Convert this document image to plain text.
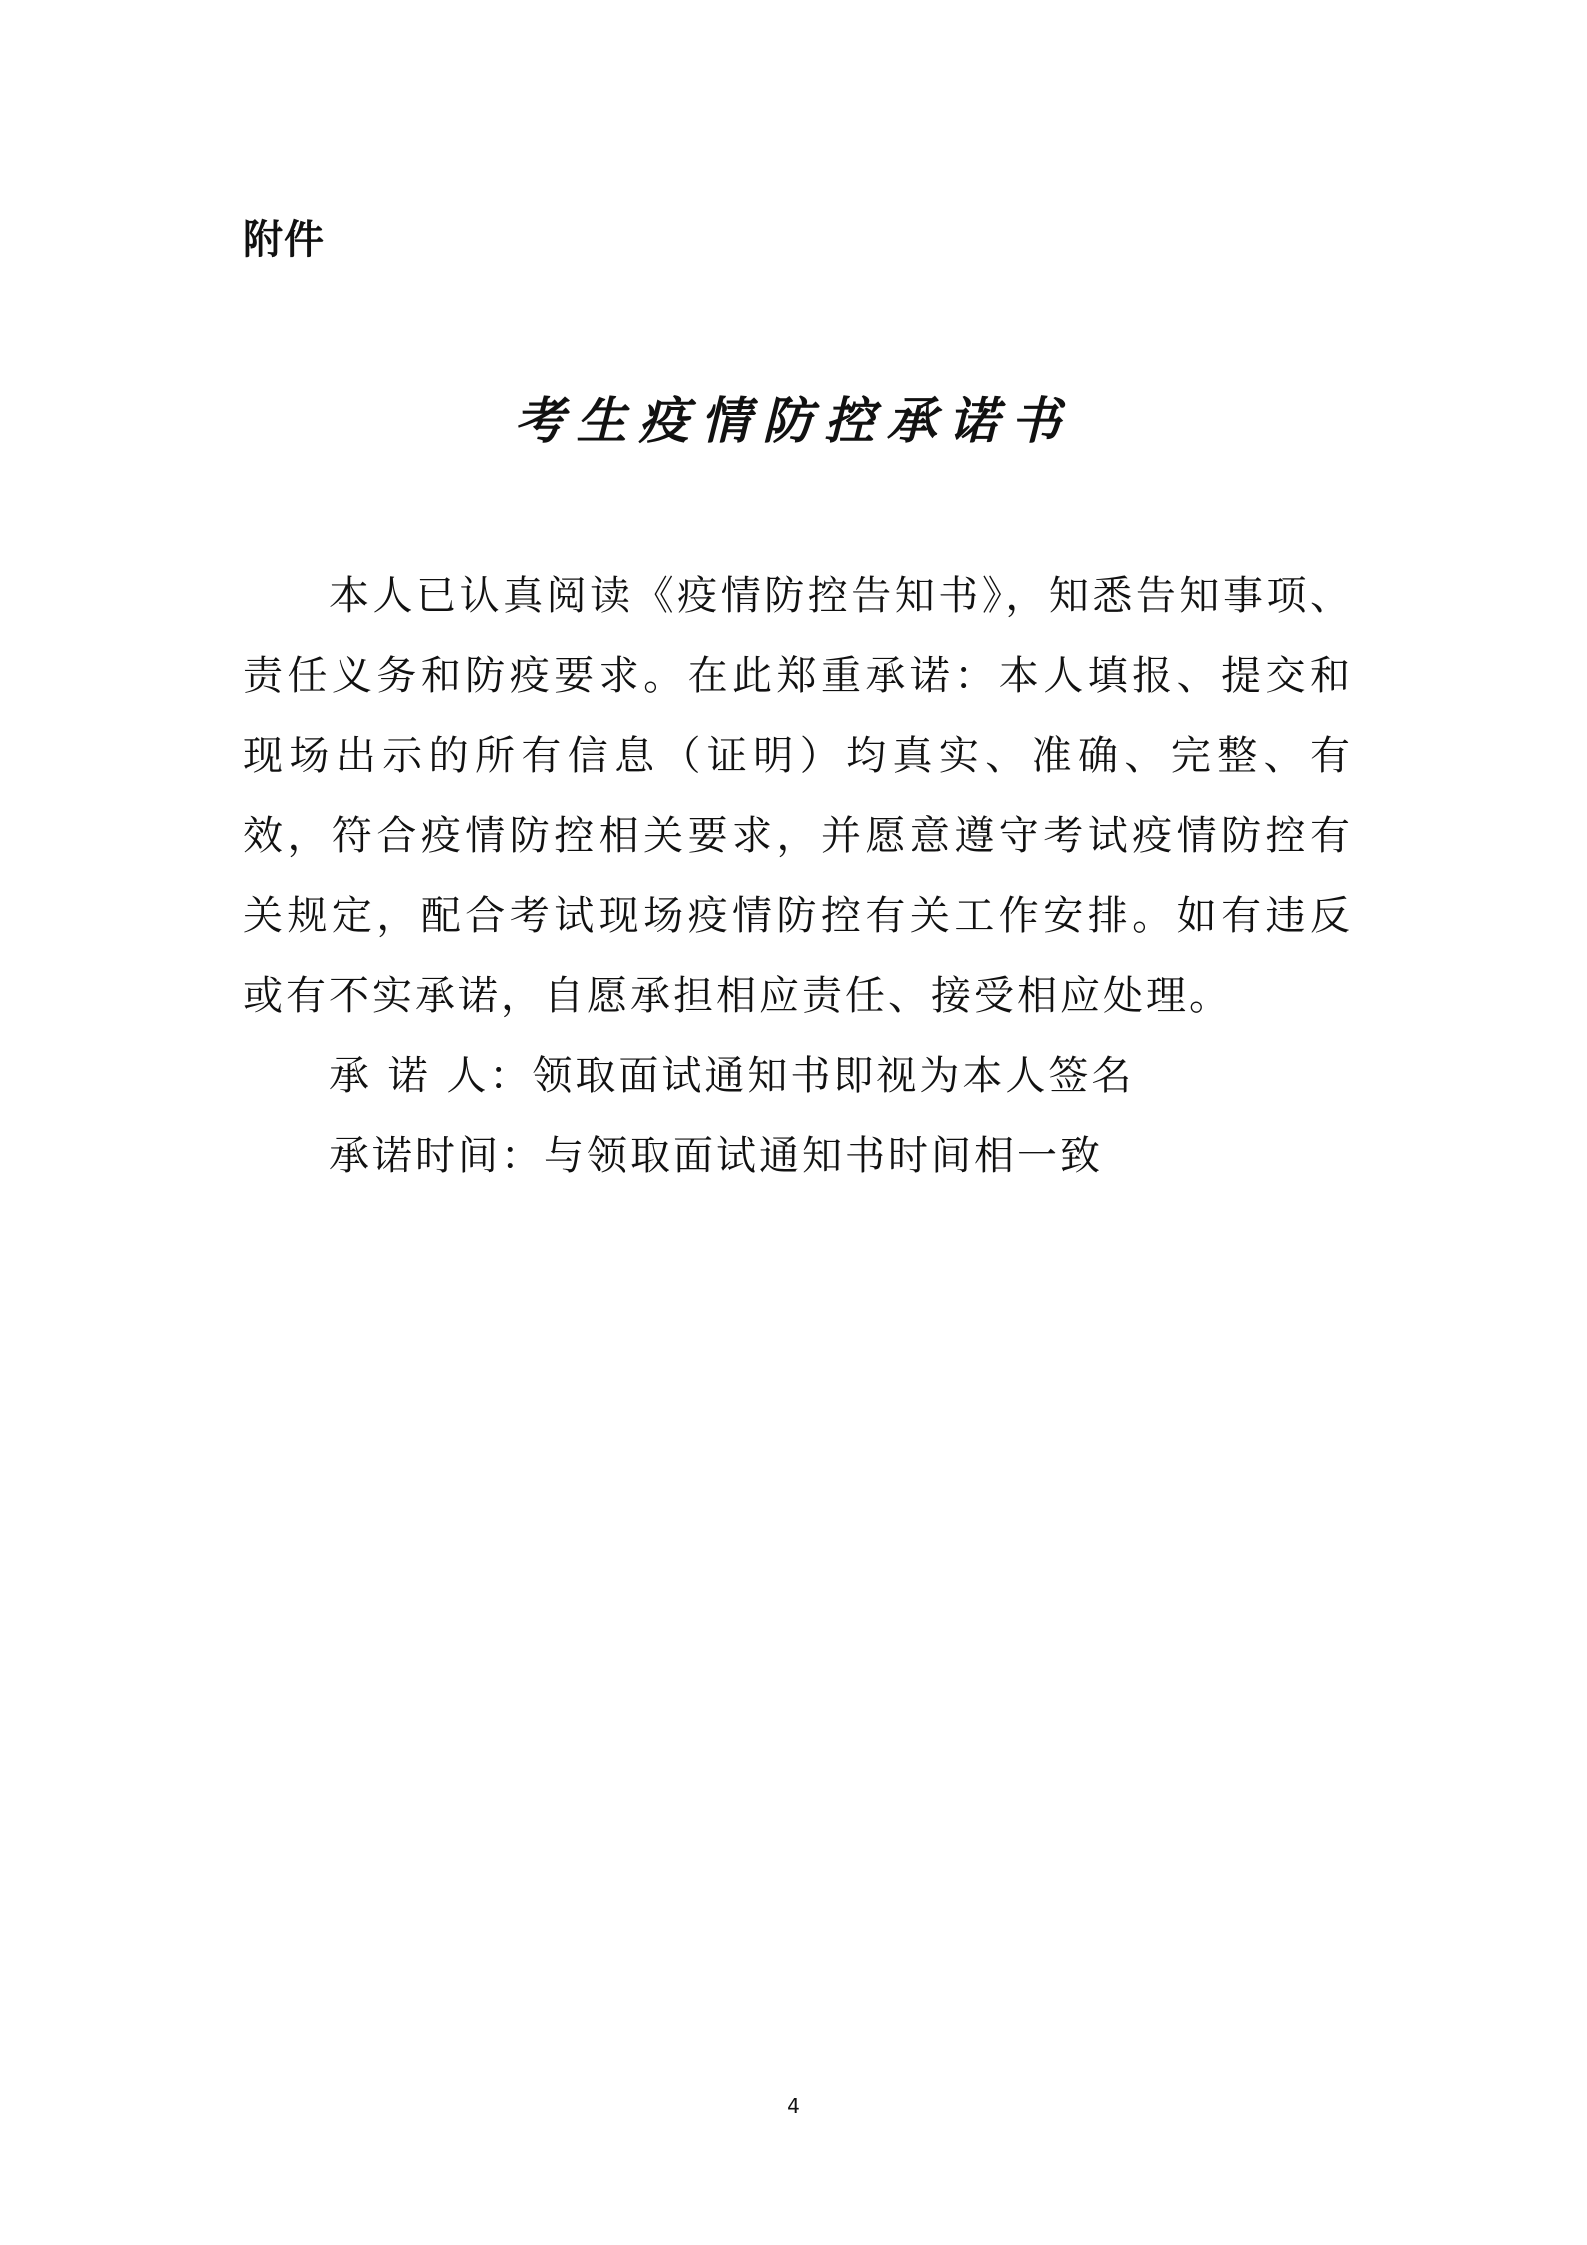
附件
考生疫情防控承诺书

本人已认真阅读《疫情防控告知书》，知悉告知事项、责任义务和防疫要求。在此郑重承诺：本人填报、提交和现场出示的所有信息（证明）均真实、准确、完整、有效，符合疫情防控相关要求，并愿意遵守考试疫情防控有关规定，配合考试现场疫情防控有关工作安排。如有违反或有不实承诺，自愿承担相应责任、接受相应处理。

承 诺 人：领取面试通知书即视为本人签名

承诺时间：与领取面试通知书时间相一致

4
